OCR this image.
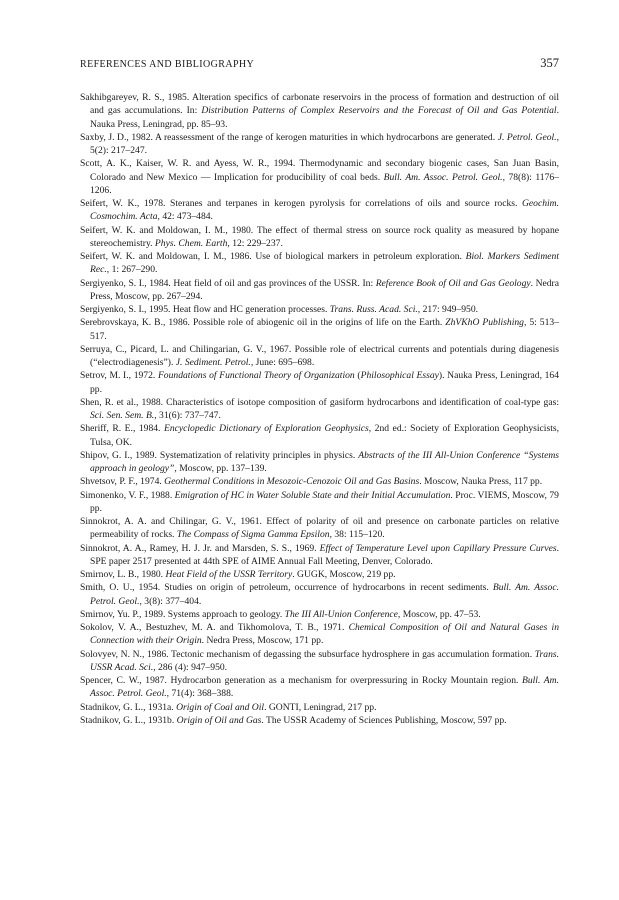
REFERENCES AND BIBLIOGRAPHY	357
Sakhibgareyev, R. S., 1985. Alteration specifics of carbonate reservoirs in the process of formation and destruction of oil and gas accumulations. In: Distribution Patterns of Complex Reservoirs and the Forecast of Oil and Gas Potential. Nauka Press, Leningrad, pp. 85–93.
Saxby, J. D., 1982. A reassessment of the range of kerogen maturities in which hydrocarbons are generated. J. Petrol. Geol., 5(2): 217–247.
Scott, A. K., Kaiser, W. R. and Ayess, W. R., 1994. Thermodynamic and secondary biogenic cases, San Juan Basin, Colorado and New Mexico — Implication for producibility of coal beds. Bull. Am. Assoc. Petrol. Geol., 78(8): 1176–1206.
Seifert, W. K., 1978. Steranes and terpanes in kerogen pyrolysis for correlations of oils and source rocks. Geochim. Cosmochim. Acta, 42: 473–484.
Seifert, W. K. and Moldowan, I. M., 1980. The effect of thermal stress on source rock quality as measured by hopane stereochemistry. Phys. Chem. Earth, 12: 229–237.
Seifert, W. K. and Moldowan, I. M., 1986. Use of biological markers in petroleum exploration. Biol. Markers Sediment Rec., 1: 267–290.
Sergiyenko, S. I., 1984. Heat field of oil and gas provinces of the USSR. In: Reference Book of Oil and Gas Geology. Nedra Press, Moscow, pp. 267–294.
Sergiyenko, S. I., 1995. Heat flow and HC generation processes. Trans. Russ. Acad. Sci., 217: 949–950.
Serebrovskaya, K. B., 1986. Possible role of abiogenic oil in the origins of life on the Earth. ZhVKhO Publishing, 5: 513–517.
Serruya, C., Picard, L. and Chilingarian, G. V., 1967. Possible role of electrical currents and potentials during diagenesis (“electrodiagenesis”). J. Sediment. Petrol., June: 695–698.
Setrov, M. I., 1972. Foundations of Functional Theory of Organization (Philosophical Essay). Nauka Press, Leningrad, 164 pp.
Shen, R. et al., 1988. Characteristics of isotope composition of gasiform hydrocarbons and identification of coal-type gas: Sci. Sen. Sem. B., 31(6): 737–747.
Sheriff, R. E., 1984. Encyclopedic Dictionary of Exploration Geophysics, 2nd ed.: Society of Exploration Geophysicists, Tulsa, OK.
Shipov, G. I., 1989. Systematization of relativity principles in physics. Abstracts of the III All-Union Conference “Systems approach in geology”, Moscow, pp. 137–139.
Shvetsov, P. F., 1974. Geothermal Conditions in Mesozoic-Cenozoic Oil and Gas Basins. Moscow, Nauka Press, 117 pp.
Simonenko, V. F., 1988. Emigration of HC in Water Soluble State and their Initial Accumulation. Proc. VIEMS, Moscow, 79 pp.
Sinnokrot, A. A. and Chilingar, G. V., 1961. Effect of polarity of oil and presence on carbonate particles on relative permeability of rocks. The Compass of Sigma Gamma Epsilon, 38: 115–120.
Sinnokrot, A. A., Ramey, H. J. Jr. and Marsden, S. S., 1969. Effect of Temperature Level upon Capillary Pressure Curves. SPE paper 2517 presented at 44th SPE of AIME Annual Fall Meeting, Denver, Colorado.
Smirnov, L. B., 1980. Heat Field of the USSR Territory. GUGK, Moscow, 219 pp.
Smith, O. U., 1954. Studies on origin of petroleum, occurrence of hydrocarbons in recent sediments. Bull. Am. Assoc. Petrol. Geol., 3(8): 377–404.
Smirnov, Yu. P., 1989. Systems approach to geology. The III All-Union Conference, Moscow, pp. 47–53.
Sokolov, V. A., Bestuzhev, M. A. and Tikhomolova, T. B., 1971. Chemical Composition of Oil and Natural Gases in Connection with their Origin. Nedra Press, Moscow, 171 pp.
Solovyev, N. N., 1986. Tectonic mechanism of degassing the subsurface hydrosphere in gas accumulation formation. Trans. USSR Acad. Sci., 286 (4): 947–950.
Spencer, C. W., 1987. Hydrocarbon generation as a mechanism for overpressuring in Rocky Mountain region. Bull. Am. Assoc. Petrol. Geol., 71(4): 368–388.
Stadnikov, G. L., 1931a. Origin of Coal and Oil. GONTI, Leningrad, 217 pp.
Stadnikov, G. L., 1931b. Origin of Oil and Gas. The USSR Academy of Sciences Publishing, Moscow, 597 pp.
